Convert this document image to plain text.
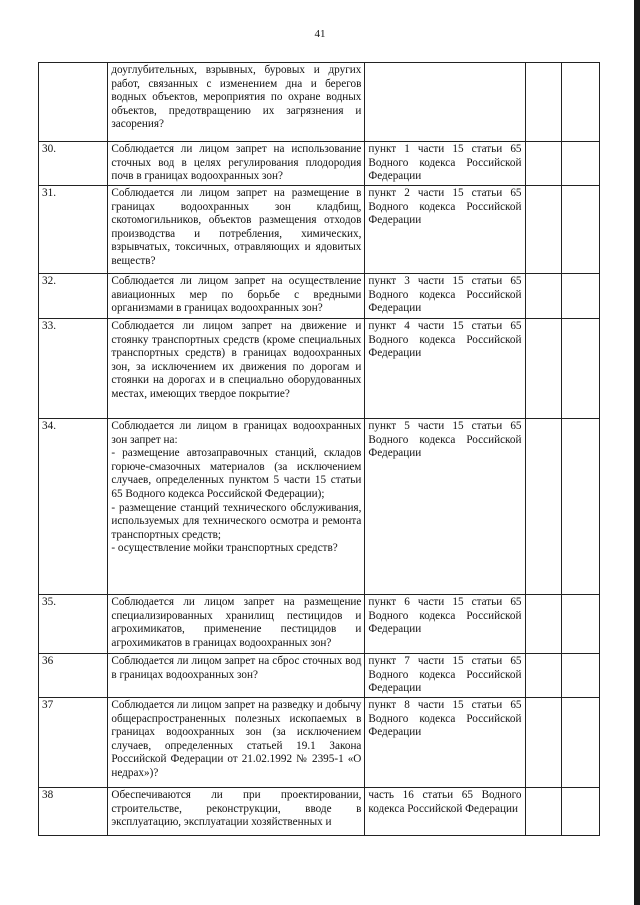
41
	доуглубительных, взрывных, буровых и других работ, связанных с изменением дна и берегов водных объектов, мероприятия по охране водных объектов, предотвращению их загрязнения и засорения?			
30.	Соблюдается ли лицом запрет на использование сточных вод в целях регулирования плодородия почв в границах водоохранных зон?	пункт 1 части 15 статьи 65 Водного кодекса Российской Федерации		
31.	Соблюдается ли лицом запрет на размещение в границах водоохранных зон кладбищ, скотомогильников, объектов размещения отходов производства и потребления, химических, взрывчатых, токсичных, отравляющих и ядовитых веществ?	пункт 2 части 15 статьи 65 Водного кодекса Российской Федерации		
32.	Соблюдается ли лицом запрет на осуществление авиационных мер по борьбе с вредными организмами в границах водоохранных зон?	пункт 3 части 15 статьи 65 Водного кодекса Российской Федерации		
33.	Соблюдается ли лицом запрет на движение и стоянку транспортных средств (кроме специальных транспортных средств) в границах водоохранных зон, за исключением их движения по дорогам и стоянки на дорогах и в специально оборудованных местах, имеющих твердое покрытие?	пункт 4 части 15 статьи 65 Водного кодекса Российской Федерации		
34.	Соблюдается ли лицом в границах водоохранных зон запрет на:
- размещение автозаправочных станций, складов горюче-смазочных материалов (за исключением случаев, определенных пунктом 5 части 15 статьи 65 Водного кодекса Российской Федерации);
- размещение станций технического обслуживания, используемых для технического осмотра и ремонта транспортных средств;
- осуществление мойки транспортных средств?	пункт 5 части 15 статьи 65 Водного кодекса Российской Федерации		
35.	Соблюдается ли лицом запрет на размещение специализированных хранилищ пестицидов и агрохимикатов, применение пестицидов и агрохимикатов в границах водоохранных зон?	пункт 6 части 15 статьи 65 Водного кодекса Российской Федерации		
36	Соблюдается ли лицом запрет на сброс сточных вод в границах водоохранных зон?	пункт 7 части 15 статьи 65 Водного кодекса Российской Федерации		
37	Соблюдается ли лицом запрет на разведку и добычу общераспространенных полезных ископаемых в границах водоохранных зон (за исключением случаев, определенных статьей 19.1 Закона Российской Федерации от 21.02.1992 № 2395-1 «О недрах»)?	пункт 8 части 15 статьи 65 Водного кодекса Российской Федерации		
38	Обеспечиваются ли при проектировании, строительстве, реконструкции, вводе в эксплуатацию, эксплуатации хозяйственных и	часть 16 статьи 65 Водного кодекса Российской Федерации		
